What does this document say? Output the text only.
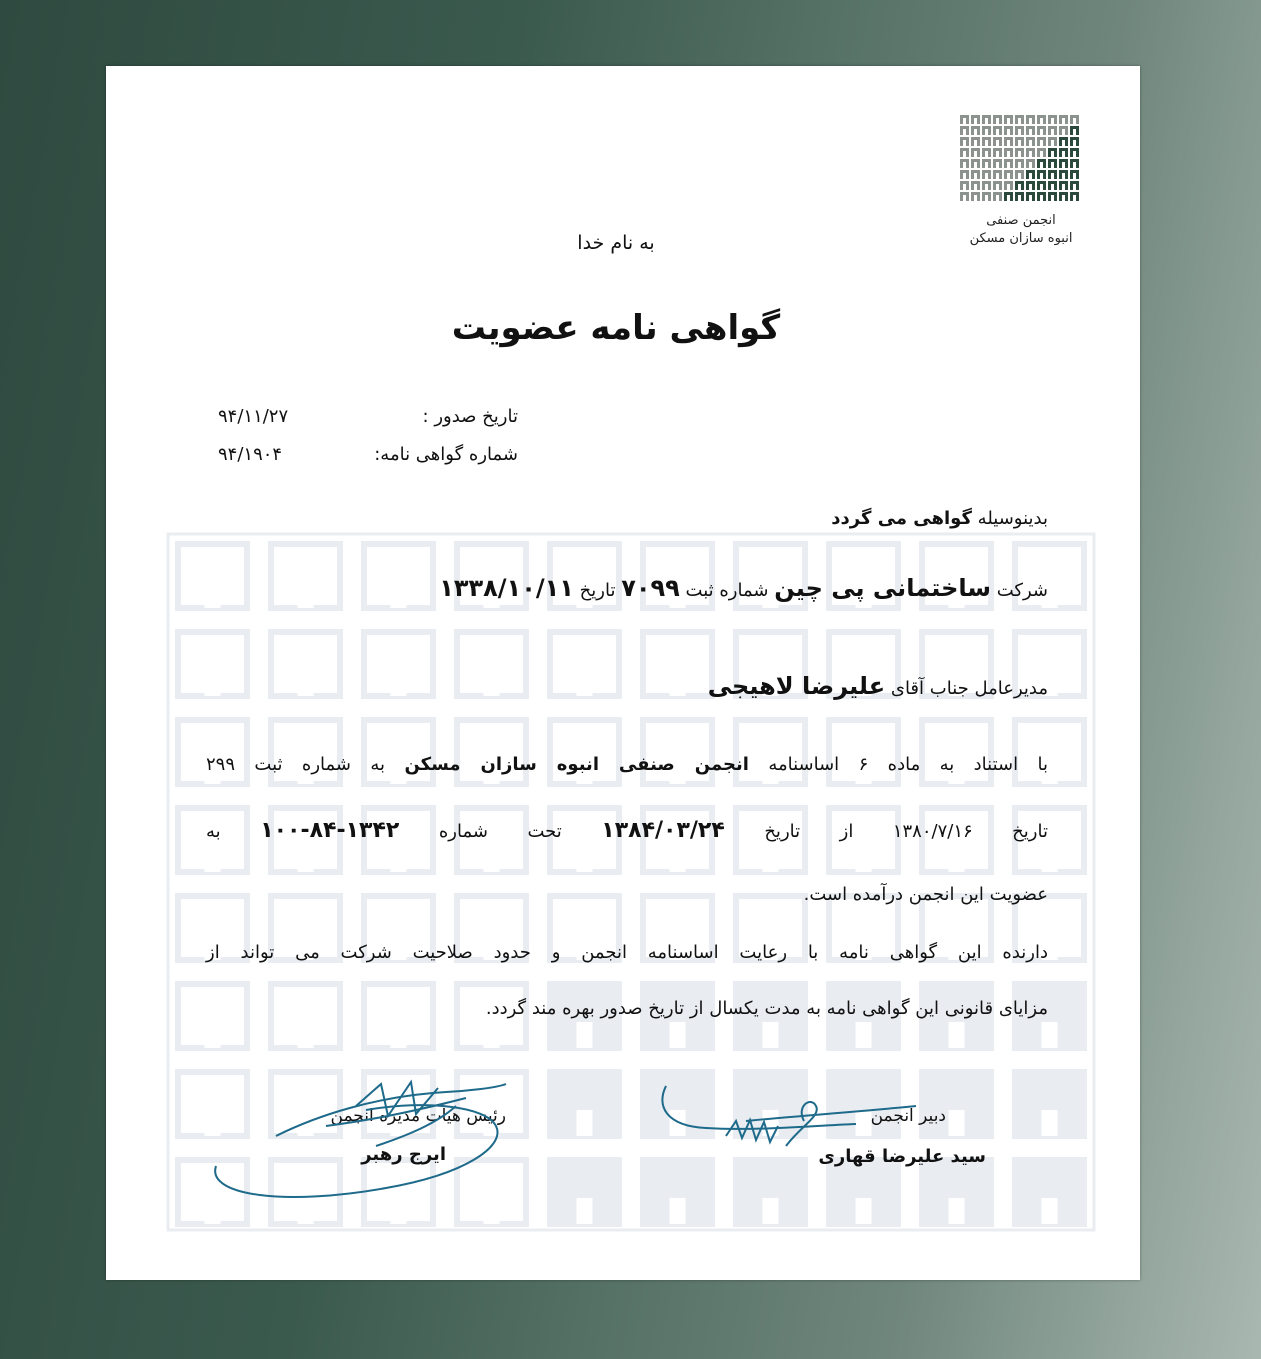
انجمن صنفی
انبوه سازان مسکن
به نام خدا
گواهی نامه عضویت
تاریخ صدور :
۹۴/۱۱/۲۷
شماره گواهی نامه:
۹۴/۱۹۰۴
بدینوسیله گواهی می گردد
شرکت ساختمانی پی چین شماره ثبت ۷۰۹۹ تاریخ ۱۳۳۸/۱۰/۱۱
مدیرعامل جناب آقای علیرضا لاهیجی
با استناد به ماده ۶ اساسنامه انجمن صنفی انبوه سازان مسکن به شماره ثبت ۲۹۹
تاریخ ۱۳۸۰/۷/۱۶ از تاریخ ۱۳۸۴/۰۳/۲۴ تحت شماره ۱۳۴۲-۸۴-۱۰۰ به
عضویت این انجمن درآمده است.
دارنده این گواهی نامه با رعایت اساسنامه انجمن و حدود صلاحیت شرکت می تواند از
مزایای قانونی این گواهی نامه به مدت یکسال از تاریخ صدور بهره مند گردد.
رئیس هیأت مدیره انجمن
ایرج رهبر
دبیر انجمن
سید علیرضا قهاری
